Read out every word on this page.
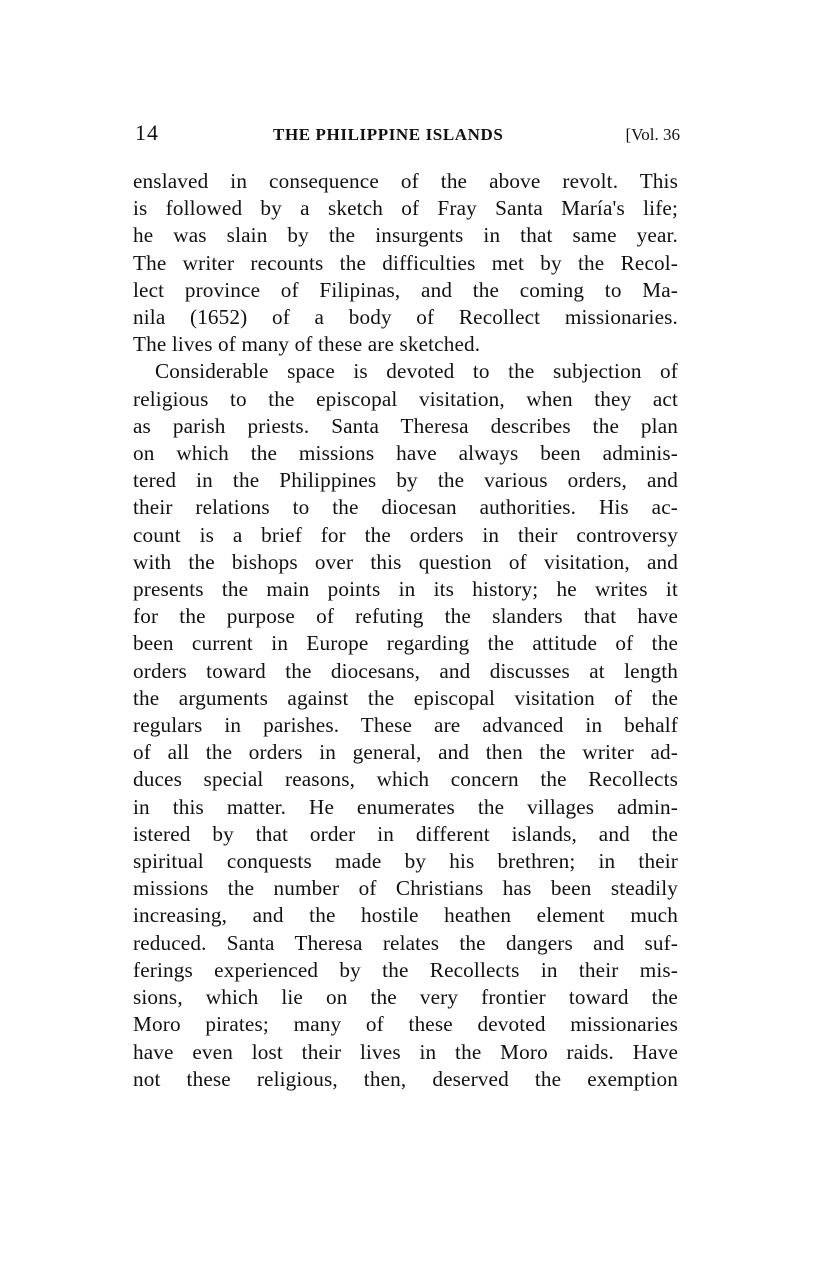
14	THE PHILIPPINE ISLANDS	[Vol. 36
enslaved in consequence of the above revolt. This
is followed by a sketch of Fray Santa María's life;
he was slain by the insurgents in that same year.
The writer recounts the difficulties met by the Recol-
lect province of Filipinas, and the coming to Ma-
nila (1652) of a body of Recollect missionaries.
The lives of many of these are sketched.
Considerable space is devoted to the subjection of
religious to the episcopal visitation, when they act
as parish priests. Santa Theresa describes the plan
on which the missions have always been adminis-
tered in the Philippines by the various orders, and
their relations to the diocesan authorities. His ac-
count is a brief for the orders in their controversy
with the bishops over this question of visitation, and
presents the main points in its history; he writes it
for the purpose of refuting the slanders that have
been current in Europe regarding the attitude of the
orders toward the diocesans, and discusses at length
the arguments against the episcopal visitation of the
regulars in parishes. These are advanced in behalf
of all the orders in general, and then the writer ad-
duces special reasons, which concern the Recollects
in this matter. He enumerates the villages admin-
istered by that order in different islands, and the
spiritual conquests made by his brethren; in their
missions the number of Christians has been steadily
increasing, and the hostile heathen element much
reduced. Santa Theresa relates the dangers and suf-
ferings experienced by the Recollects in their mis-
sions, which lie on the very frontier toward the
Moro pirates; many of these devoted missionaries
have even lost their lives in the Moro raids. Have
not these religious, then, deserved the exemption
